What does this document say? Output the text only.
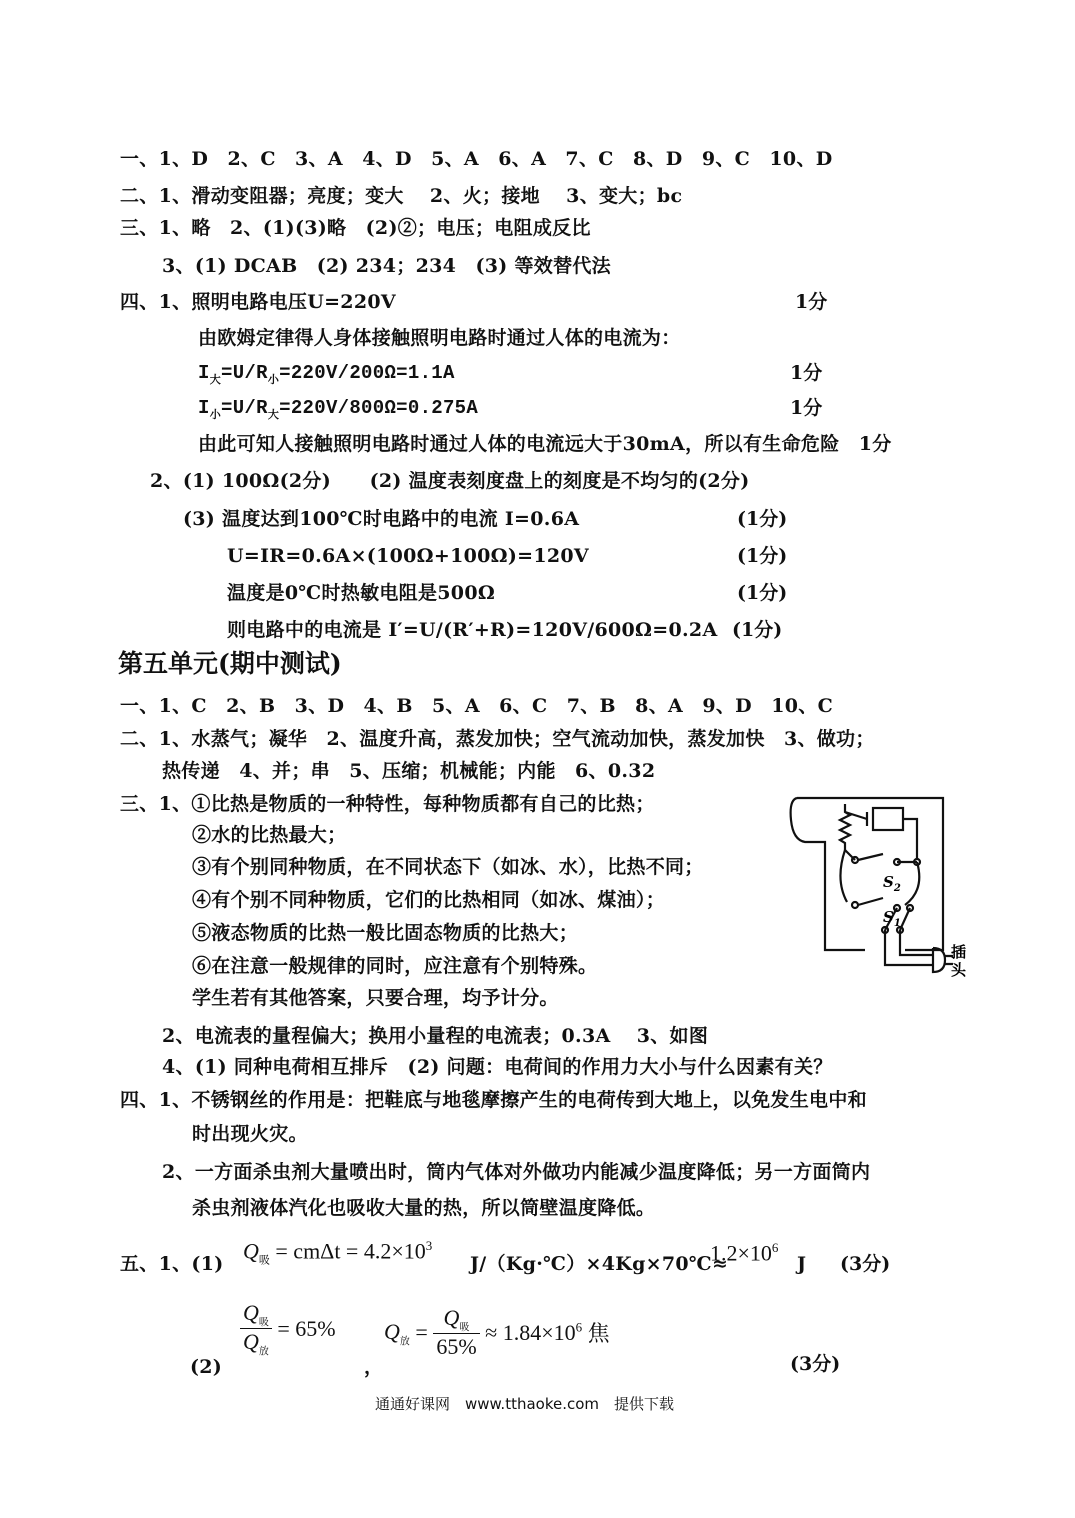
一、1、D　2、C　3、A　4、D　5、A　6、A　7、C　8、D　9、C　10、D
二、1、滑动变阻器；亮度；变大　 2、火；接地　 3、变大；bc
三、1、略　2、(1)(3)略　(2)②；电压；电阻成反比
3、(1) DCAB　(2) 234；234　(3) 等效替代法
四、1、照明电路电压U=220V	1分
由欧姆定律得人身体接触照明电路时通过人体的电流为：
$I_大=U/R_小=220V/200\Omega=1.1A$	1分
$I_小=U/R_大=220V/800\Omega=0.275A$	1分
由此可知人接触照明电路时通过人体的电流远大于30mA，所以有生命危险　1分
2、(1) 100Ω(2分)　　(2) 温度表刻度盘上的刻度是不均匀的(2分)
(3) 温度达到100℃时电路中的电流 I=0.6A	(1分)
U=IR=0.6A×(100Ω+100Ω)=120V	(1分)
温度是0℃时热敏电阻是500Ω	(1分)
则电路中的电流是 I′=U/(R′+R)=120V/600Ω=0.2A (1分)
第五单元(期中测试)
一、1、C　2、B　3、D　4、B　5、A　6、C　7、B　8、A　9、D　10、C
二、1、水蒸气；凝华　2、温度升高，蒸发加快；空气流动加快，蒸发加快　3、做功；
热传递　4、并；串　5、压缩；机械能；内能　6、0.32
三、1、①比热是物质的一种特性，每种物质都有自己的比热；
②水的比热最大；
③有个别同种物质，在不同状态下（如冰、水），比热不同；
④有个别不同种物质，它们的比热相同（如冰、煤油）；
⑤液态物质的比热一般比固态物质的比热大；
⑥在注意一般规律的同时，应注意有个别特殊。
学生若有其他答案，只要合理，均予计分。
2、电流表的量程偏大；换用小量程的电流表；0.3A　 3、如图
4、(1) 同种电荷相互排斥　(2) 问题：电荷间的作用力大小与什么因素有关？
$S_2$
$S_1$
插
头
四、1、不锈钢丝的作用是：把鞋底与地毯摩擦产生的电荷传到大地上，以免发生电中和
时出现火灾。
2、一方面杀虫剂大量喷出时，筒内气体对外做功内能减少温度降低；另一方面筒内
杀虫剂液体汽化也吸收大量的热，所以筒壁温度降低。
五、1、(1)
$Q_吸 = cm\Delta t = 4.2\times 10^3$
J/（Kg·℃）×4Kg×70℃≈
$1.2\times 10^6$
J (3分)
(2)
$\frac{Q_吸}{Q_放} = 65\%$
，
$Q_放 = \frac{Q_吸}{65\%} \approx 1.84\times 10^6$ 焦
(3分)
通通好课网　www.tthaoke.com　提供下载
